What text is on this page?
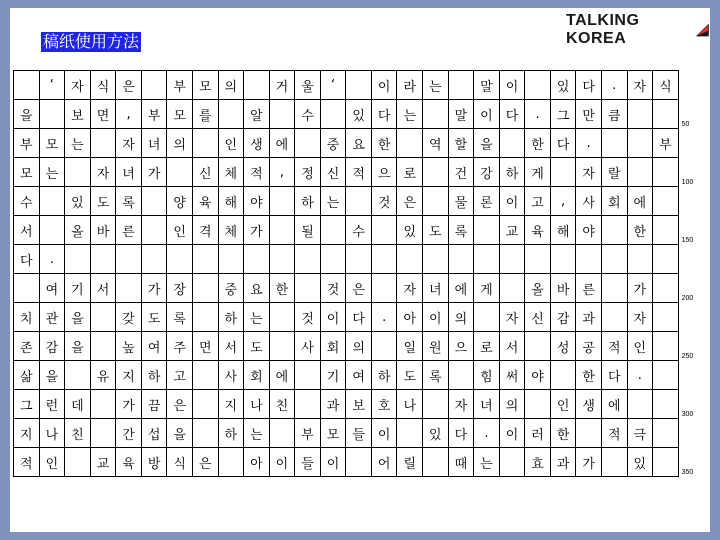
稿纸使用方法
TALKING KOREA
	‘	자	식	은		부	모	의		거	울	‘		이	라	는		말	이		있	다	.	자	식	
을		보	면	,	부	모	를		알		수		있	다	는		말	이	다	.	그	만	큼			50
부	모	는		자	녀	의		인	생	에		중	요	한		역	할	을		한	다	.			부	
모	는		자	녀	가		신	체	적	,	정	신	적	으	로		건	강	하	게		자	랄			100
수		있	도	록		양	육	해	야		하	는		것	은		물	론	이	고	,	사	회	에		
서		올	바	른		인	격	체	가		될		수		있	도	록		교	육	해	야		한		150
다	.																									
	여	기	서		가	장		중	요	한		것	은		자	녀	에	게		올	바	른		가		200
치	관	을		갖	도	록		하	는		것	이	다	.	아	이	의		자	신	감	과		자		
존	감	을		높	여	주	면	서	도		사	회	의		일	원	으	로	서		성	공	적	인		250
삶	을		유	지	하	고		사	회	에		기	여	하	도	록		힘	써	야		한	다	.		
그	런	데		가	끔	은		지	나	친		과	보	호	나		자	녀	의		인	생	에			300
지	나	친		간	섭	을		하	는		부	모	들	이		있	다	.	이	러	한		적	극		
적	인		교	육	방	식	은		아	이	들	이		어	릴		때	는		효	과	가		있		350
